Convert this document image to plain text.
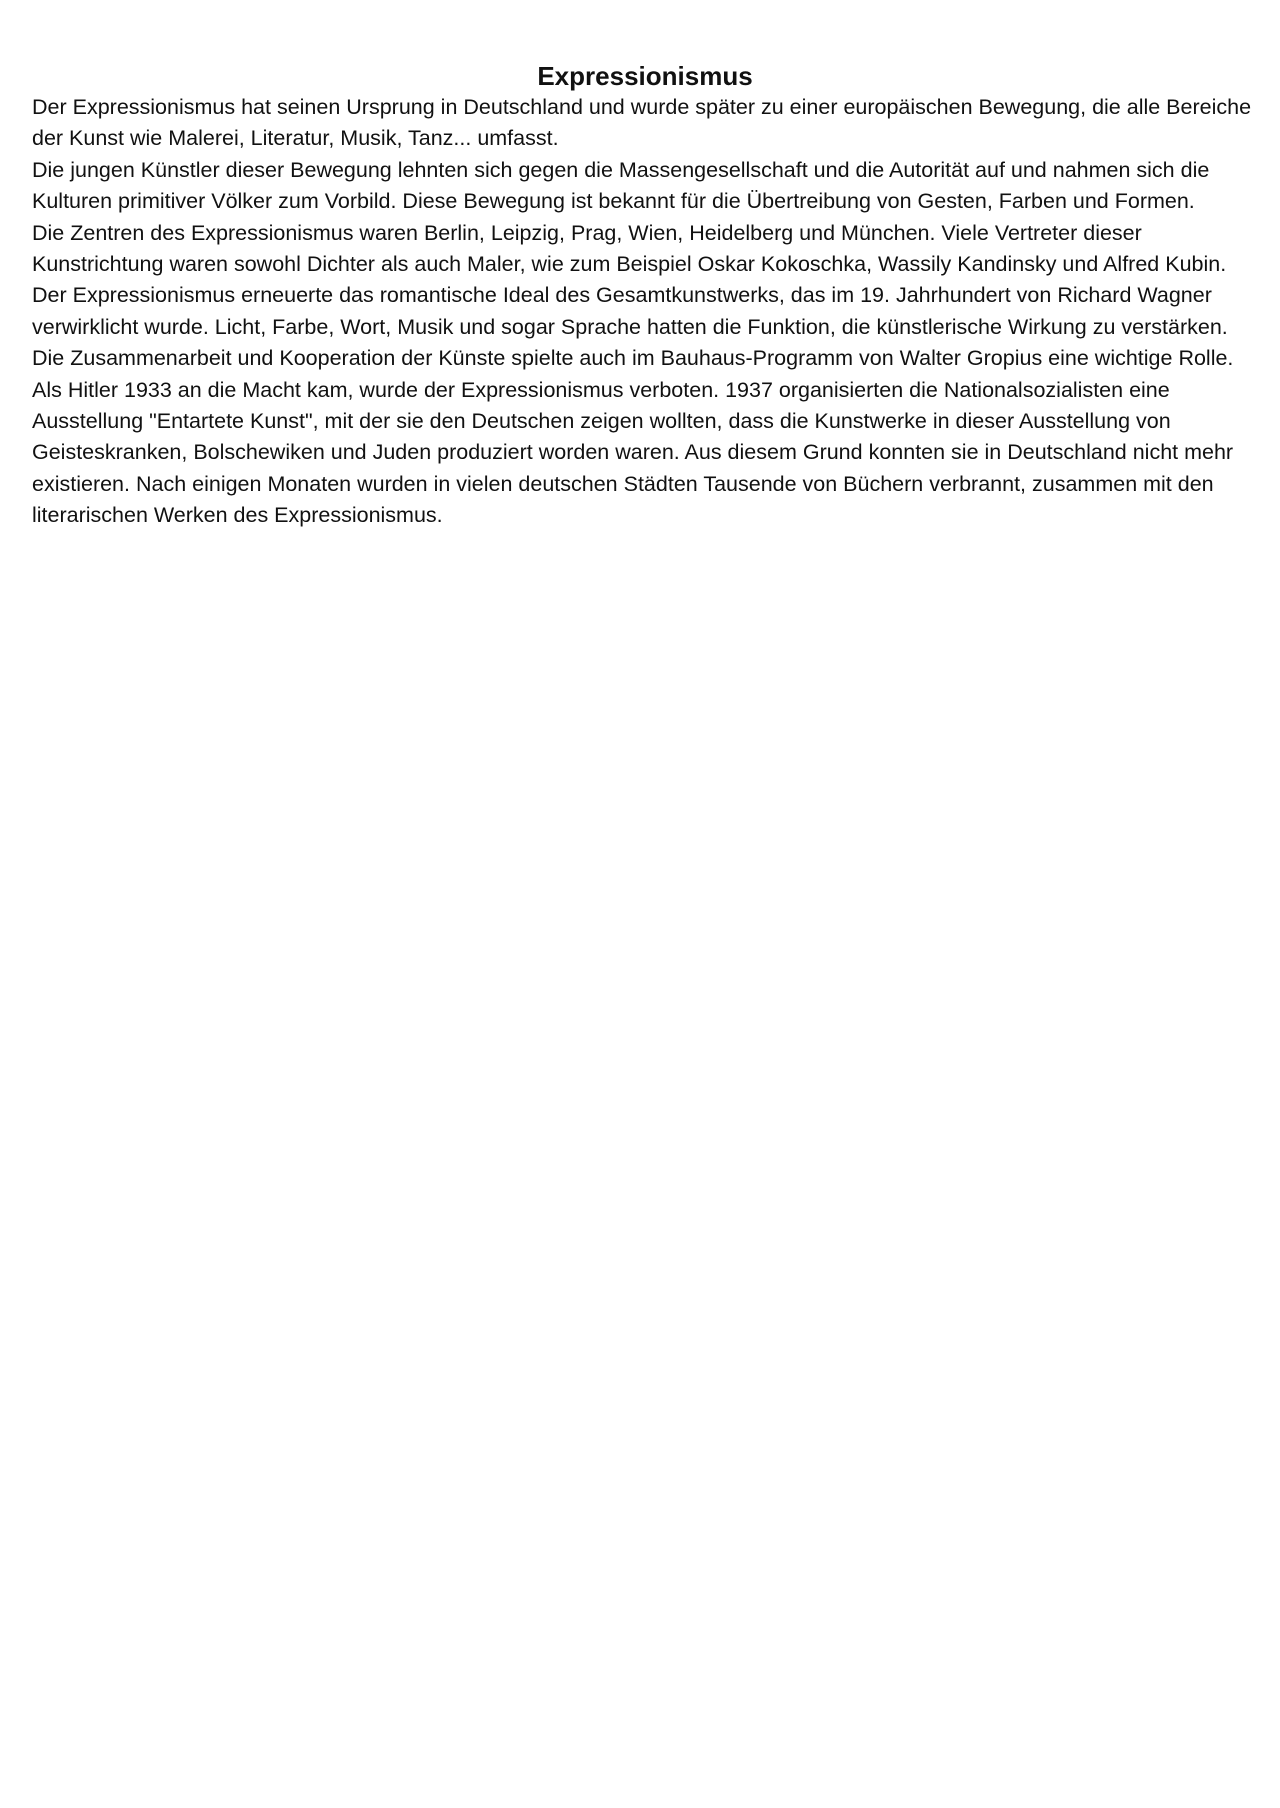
Expressionismus

Der Expressionismus hat seinen Ursprung in Deutschland und wurde später zu einer europäischen Bewegung, die alle Bereiche der Kunst wie Malerei, Literatur, Musik, Tanz... umfasst.

Die jungen Künstler dieser Bewegung lehnten sich gegen die Massengesellschaft und die Autorität auf und nahmen sich die Kulturen primitiver Völker zum Vorbild. Diese Bewegung ist bekannt für die Übertreibung von Gesten, Farben und Formen.

Die Zentren des Expressionismus waren Berlin, Leipzig, Prag, Wien, Heidelberg und München. Viele Vertreter dieser Kunstrichtung waren sowohl Dichter als auch Maler, wie zum Beispiel Oskar Kokoschka, Wassily Kandinsky und Alfred Kubin. Der Expressionismus erneuerte das romantische Ideal des Gesamtkunstwerks, das im 19. Jahrhundert von Richard Wagner verwirklicht wurde. Licht, Farbe, Wort, Musik und sogar Sprache hatten die Funktion, die künstlerische Wirkung zu verstärken.

Die Zusammenarbeit und Kooperation der Künste spielte auch im Bauhaus-Programm von Walter Gropius eine wichtige Rolle.

Als Hitler 1933 an die Macht kam, wurde der Expressionismus verboten. 1937 organisierten die Nationalsozialisten eine Ausstellung "Entartete Kunst", mit der sie den Deutschen zeigen wollten, dass die Kunstwerke in dieser Ausstellung von Geisteskranken, Bolschewiken und Juden produziert worden waren. Aus diesem Grund konnten sie in Deutschland nicht mehr existieren. Nach einigen Monaten wurden in vielen deutschen Städten Tausende von Büchern verbrannt, zusammen mit den literarischen Werken des Expressionismus.
